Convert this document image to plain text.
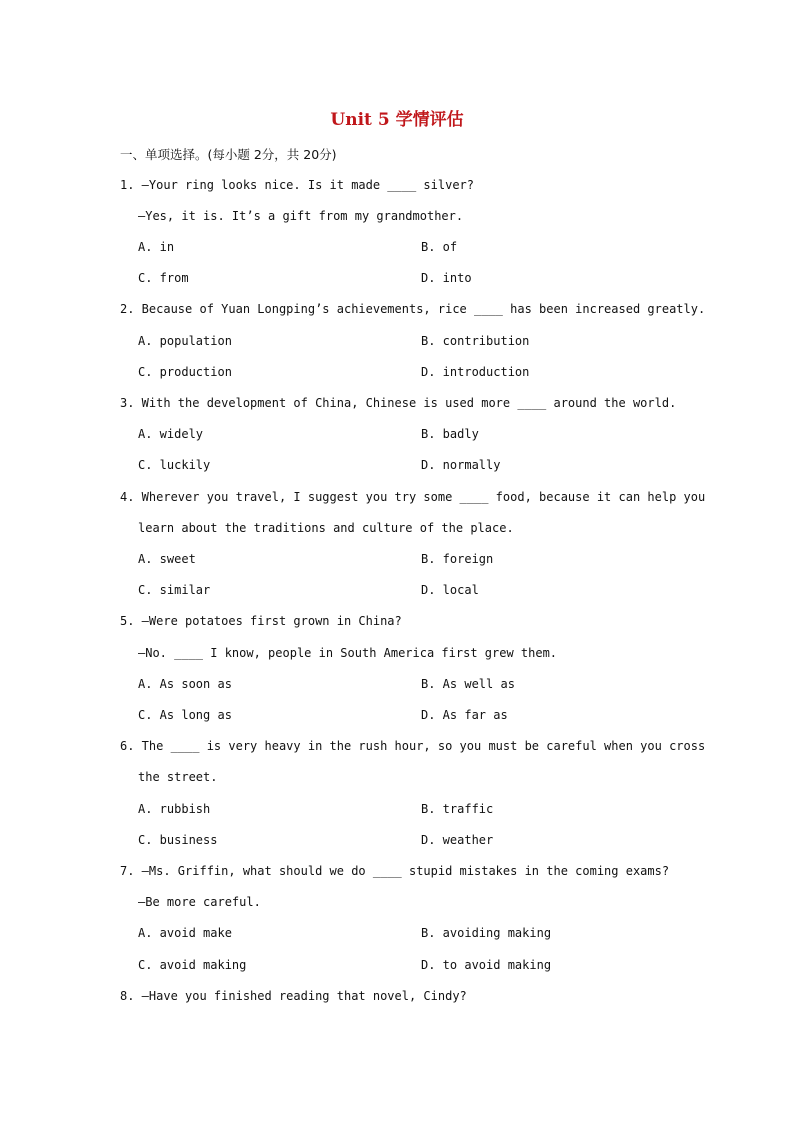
Unit 5 学情评估
一、单项选择。(每小题 2分，共 20分)
1. —Your ring looks nice. Is it made ____ silver?
—Yes, it is. It’s a gift from my grandmother.
A. in	B. of
C. from	D. into
2. Because of Yuan Longping’s achievements, rice ____ has been increased greatly.
A. population	B. contribution
C. production	D. introduction
3. With the development of China, Chinese is used more ____ around the world.
A. widely	B. badly
C. luckily	D. normally
4. Wherever you travel, I suggest you try some ____ food, because it can help you
learn about the traditions and culture of the place.
A. sweet	B. foreign
C. similar	D. local
5. —Were potatoes first grown in China?
—No. ____ I know, people in South America first grew them.
A. As soon as	B. As well as
C. As long as	D. As far as
6. The ____ is very heavy in the rush hour, so you must be careful when you cross
the street.
A. rubbish	B. traffic
C. business	D. weather
7. —Ms. Griffin, what should we do ____ stupid mistakes in the coming exams?
—Be more careful.
A. avoid make	B. avoiding making
C. avoid making	D. to avoid making
8. —Have you finished reading that novel, Cindy?
